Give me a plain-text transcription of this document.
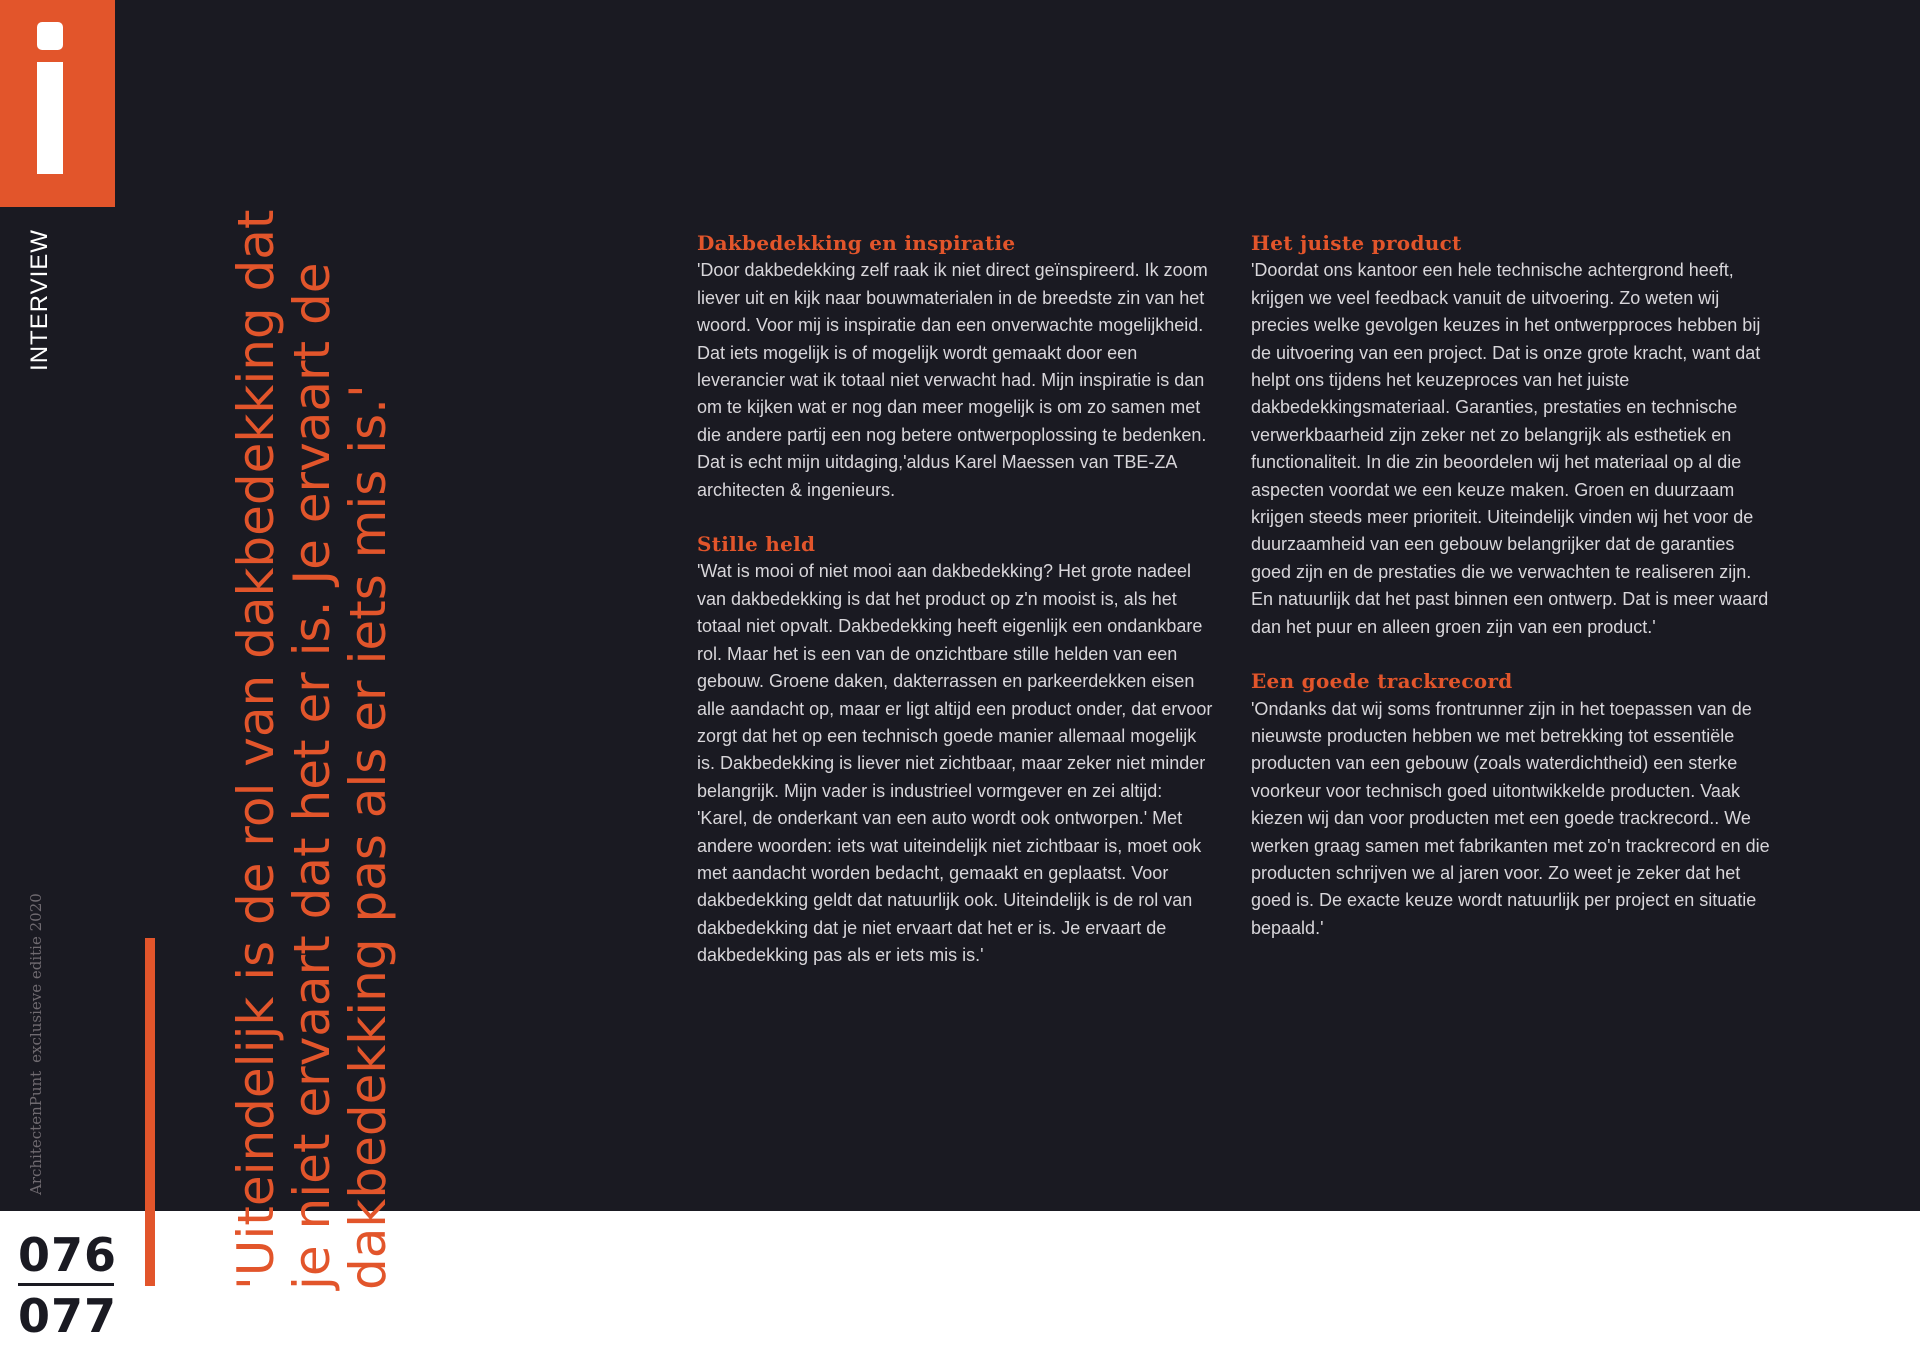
INTERVIEW
ArchitectenPuntexclusieve editie 2020	'Uiteindelijk is de rol van dakbedekking dat je niet ervaart dat het er is. Je ervaart de dakbedekking pas als er iets mis is.'
076
077
Dakbedekking en inspiratie

'Door dakbedekking zelf raak ik niet direct geïnspireerd. Ik zoom liever uit en kijk naar bouwmaterialen in de breedste zin van het woord. Voor mij is inspiratie dan een onverwachte mogelijkheid. Dat iets mogelijk is of mogelijk wordt gemaakt door een leverancier wat ik totaal niet verwacht had. Mijn inspiratie is dan om te kijken wat er nog dan meer mogelijk is om zo samen met die andere partij een nog betere ontwerpoplossing te bedenken. Dat is echt mijn uitdaging,'aldus Karel Maessen van TBE-ZA architecten & ingenieurs.

Stille held

'Wat is mooi of niet mooi aan dakbedekking? Het grote nadeel van dakbedekking is dat het product op z'n mooist is, als het totaal niet opvalt. Dakbedekking heeft eigenlijk een ondankbare rol. Maar het is een van de onzichtbare stille helden van een gebouw. Groene daken, dakterrassen en parkeerdekken eisen alle aandacht op, maar er ligt altijd een product onder, dat ervoor zorgt dat het op een technisch goede manier allemaal mogelijk is. Dakbedekking is liever niet zichtbaar, maar zeker niet minder belangrijk. Mijn vader is industrieel vormgever en zei altijd: 'Karel, de onderkant van een auto wordt ook ontworpen.' Met andere woorden: iets wat uiteindelijk niet zichtbaar is, moet ook met aandacht worden bedacht, gemaakt en geplaatst. Voor dakbedekking geldt dat natuurlijk ook. Uiteindelijk is de rol van dakbedekking dat je niet ervaart dat het er is. Je ervaart de dakbedekking pas als er iets mis is.'

Het juiste product

'Doordat ons kantoor een hele technische achtergrond heeft, krijgen we veel feedback vanuit de uitvoering. Zo weten wij precies welke gevolgen keuzes in het ontwerpproces hebben bij de uitvoering van een project. Dat is onze grote kracht, want dat helpt ons tijdens het keuzeproces van het juiste dakbedekkingsmateriaal. Garanties, prestaties en technische verwerkbaarheid zijn zeker net zo belangrijk als esthetiek en functionaliteit. In die zin beoordelen wij het materiaal op al die aspecten voordat we een keuze maken. Groen en duurzaam krijgen steeds meer prioriteit. Uiteindelijk vinden wij het voor de duurzaamheid van een gebouw belangrijker dat de garanties goed zijn en de prestaties die we verwachten te realiseren zijn. En natuurlijk dat het past binnen een ontwerp. Dat is meer waard dan het puur en alleen groen zijn van een product.'

Een goede trackrecord

'Ondanks dat wij soms frontrunner zijn in het toepassen van de nieuwste producten hebben we met betrekking tot essentiële producten van een gebouw (zoals waterdichtheid) een sterke voorkeur voor technisch goed uitontwikkelde producten. Vaak kiezen wij dan voor producten met een goede trackrecord.. We werken graag samen met fabrikanten met zo'n trackrecord en die producten schrijven we al jaren voor. Zo weet je zeker dat het goed is. De exacte keuze wordt natuurlijk per project en situatie bepaald.'
